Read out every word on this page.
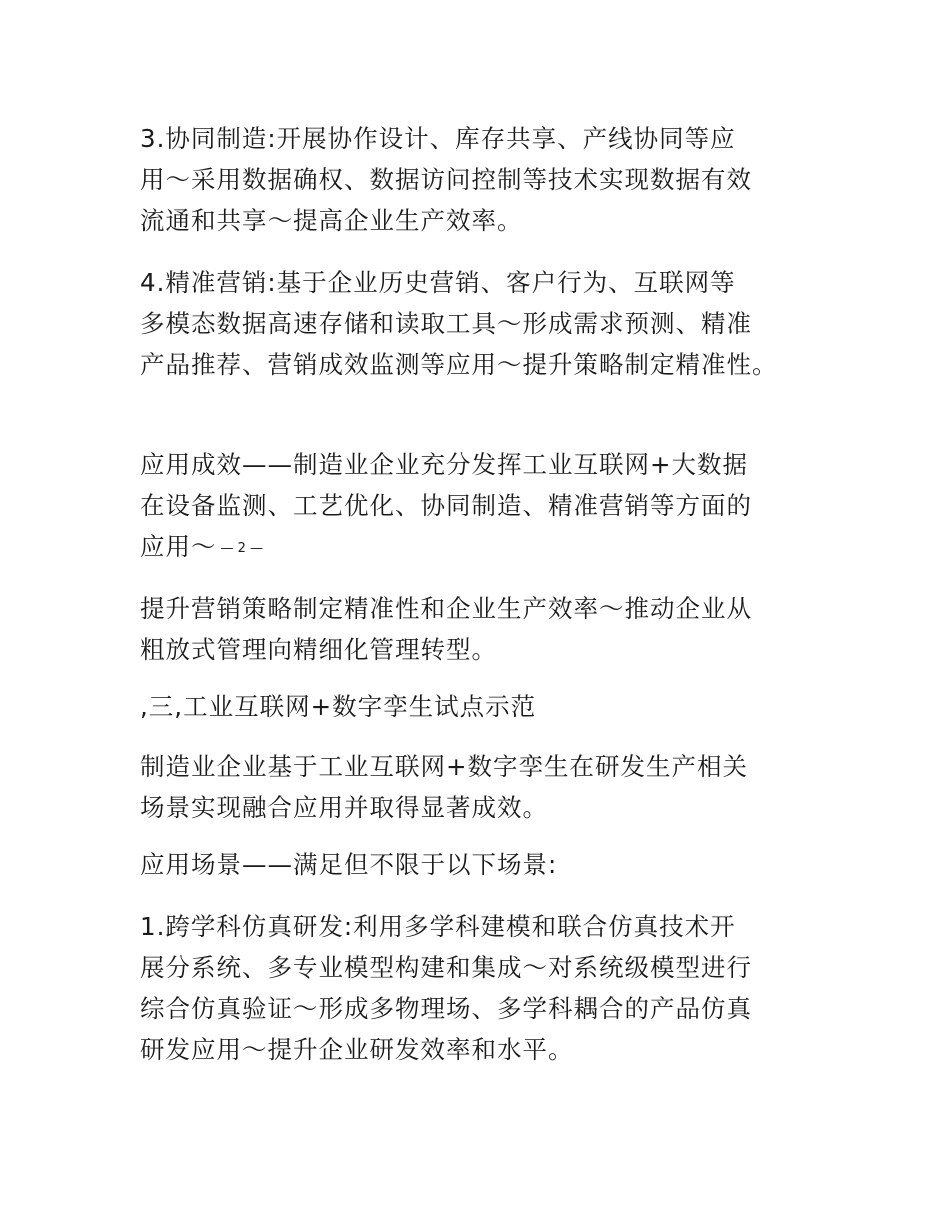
3.协同制造:开展协作设计、库存共享、产线协同等应
用～采用数据确权、数据访问控制等技术实现数据有效
流通和共享～提高企业生产效率。

4.精准营销:基于企业历史营销、客户行为、互联网等
多模态数据高速存储和读取工具～形成需求预测、精准
产品推荐、营销成效监测等应用～提升策略制定精准性。

应用成效——制造业企业充分发挥工业互联网+大数据
在设备监测、工艺优化、协同制造、精准营销等方面的
应用～ — 2 —

提升营销策略制定精准性和企业生产效率～推动企业从
粗放式管理向精细化管理转型。

,三,工业互联网+数字孪生试点示范

制造业企业基于工业互联网+数字孪生在研发生产相关
场景实现融合应用并取得显著成效。

应用场景——满足但不限于以下场景:

1.跨学科仿真研发:利用多学科建模和联合仿真技术开
展分系统、多专业模型构建和集成～对系统级模型进行
综合仿真验证～形成多物理场、多学科耦合的产品仿真
研发应用～提升企业研发效率和水平。
